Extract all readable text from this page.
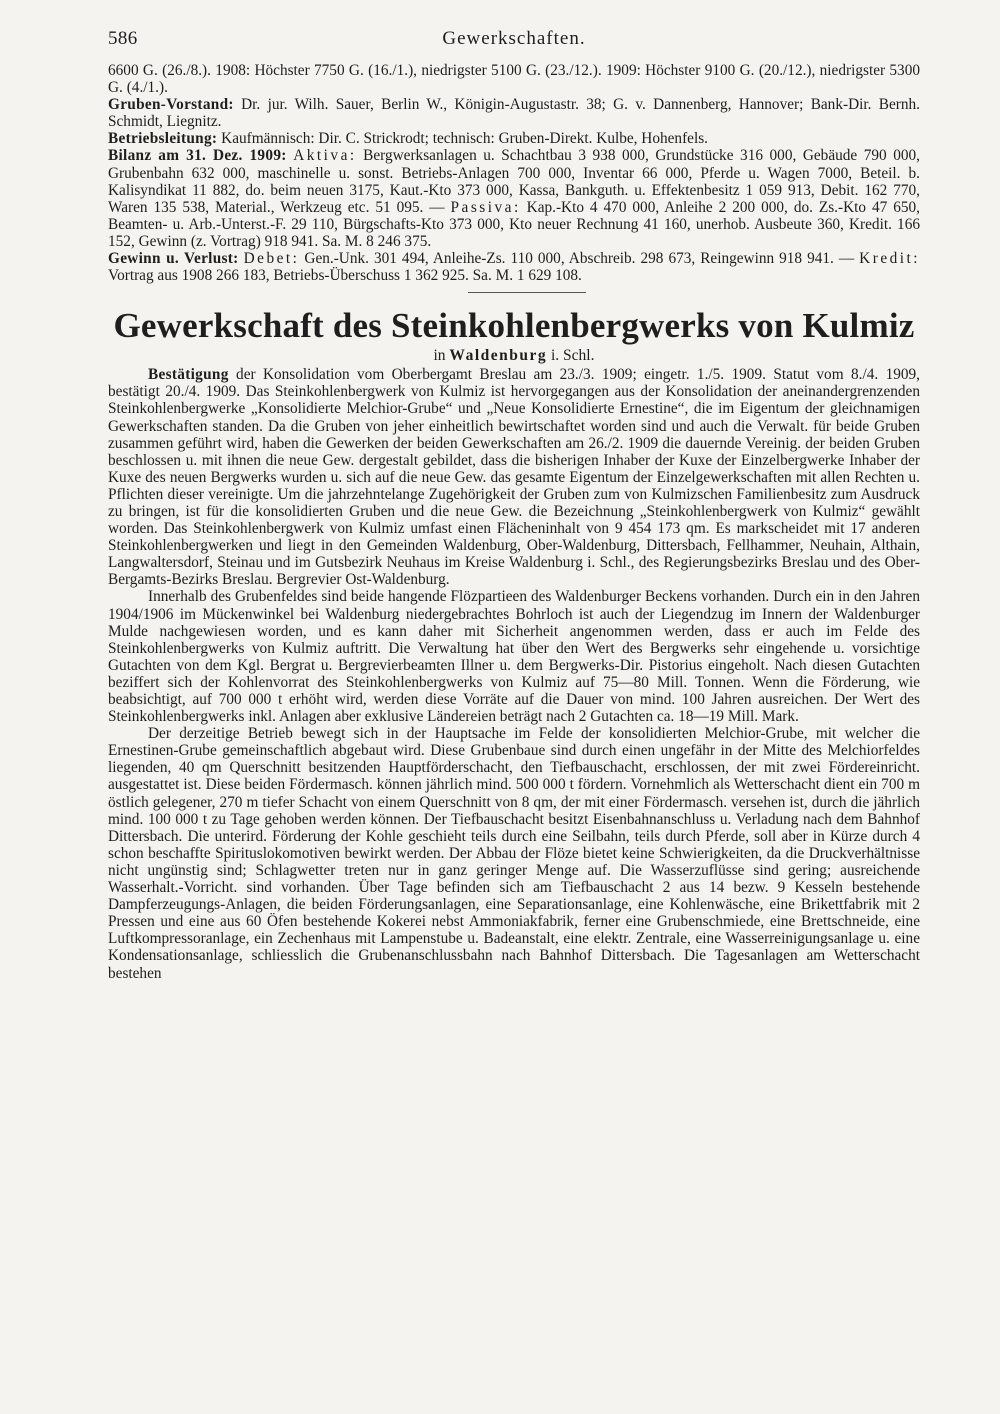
586	Gewerkschaften.

6600 G. (26./8.). 1908: Höchster 7750 G. (16./1.), niedrigster 5100 G. (23./12.). 1909: Höchster 9100 G. (20./12.), niedrigster 5300 G. (4./1.).

Gruben-Vorstand: Dr. jur. Wilh. Sauer, Berlin W., Königin-Augustastr. 38; G. v. Dannenberg, Hannover; Bank-Dir. Bernh. Schmidt, Liegnitz.

Betriebsleitung: Kaufmännisch: Dir. C. Strickrodt; technisch: Gruben-Direkt. Kulbe, Hohenfels.

Bilanz am 31. Dez. 1909: Aktiva: Bergwerksanlagen u. Schachtbau 3 938 000, Grundstücke 316 000, Gebäude 790 000, Grubenbahn 632 000, maschinelle u. sonst. Betriebs-Anlagen 700 000, Inventar 66 000, Pferde u. Wagen 7000, Beteil. b. Kalisyndikat 11 882, do. beim neuen 3175, Kaut.-Kto 373 000, Kassa, Bankguth. u. Effektenbesitz 1 059 913, Debit. 162 770, Waren 135 538, Material., Werkzeug etc. 51 095. — Passiva: Kap.-Kto 4 470 000, Anleihe 2 200 000, do. Zs.-Kto 47 650, Beamten- u. Arb.-Unterst.-F. 29 110, Bürgschafts-Kto 373 000, Kto neuer Rechnung 41 160, unerhob. Ausbeute 360, Kredit. 166 152, Gewinn (z. Vortrag) 918 941. Sa. M. 8 246 375.

Gewinn u. Verlust: Debet: Gen.-Unk. 301 494, Anleihe-Zs. 110 000, Abschreib. 298 673, Reingewinn 918 941. — Kredit: Vortrag aus 1908 266 183, Betriebs-Überschuss 1 362 925. Sa. M. 1 629 108.

Gewerkschaft des Steinkohlenbergwerks von Kulmiz

in Waldenburg i. Schl.

Bestätigung der Konsolidation vom Oberbergamt Breslau am 23./3. 1909; eingetr. 1./5. 1909. Statut vom 8./4. 1909, bestätigt 20./4. 1909. Das Steinkohlenbergwerk von Kulmiz ist hervorgegangen aus der Konsolidation der aneinandergrenzenden Steinkohlenbergwerke „Konsolidierte Melchior-Grube“ und „Neue Konsolidierte Ernestine“, die im Eigentum der gleichnamigen Gewerkschaften standen. Da die Gruben von jeher einheitlich bewirtschaftet worden sind und auch die Verwalt. für beide Gruben zusammen geführt wird, haben die Gewerken der beiden Gewerkschaften am 26./2. 1909 die dauernde Vereinig. der beiden Gruben beschlossen u. mit ihnen die neue Gew. dergestalt gebildet, dass die bisherigen Inhaber der Kuxe der Einzelbergwerke Inhaber der Kuxe des neuen Bergwerks wurden u. sich auf die neue Gew. das gesamte Eigentum der Einzelgewerkschaften mit allen Rechten u. Pflichten dieser vereinigte. Um die jahrzehntelange Zugehörigkeit der Gruben zum von Kulmizschen Familienbesitz zum Ausdruck zu bringen, ist für die konsolidierten Gruben und die neue Gew. die Bezeichnung „Steinkohlenbergwerk von Kulmiz“ gewählt worden. Das Steinkohlenbergwerk von Kulmiz umfast einen Flächeninhalt von 9 454 173 qm. Es markscheidet mit 17 anderen Steinkohlenbergwerken und liegt in den Gemeinden Waldenburg, Ober-Waldenburg, Dittersbach, Fellhammer, Neuhain, Althain, Langwaltersdorf, Steinau und im Gutsbezirk Neuhaus im Kreise Waldenburg i. Schl., des Regierungsbezirks Breslau und des Ober-Bergamts-Bezirks Breslau. Bergrevier Ost-Waldenburg.

Innerhalb des Grubenfeldes sind beide hangende Flözpartieen des Waldenburger Beckens vorhanden. Durch ein in den Jahren 1904/1906 im Mückenwinkel bei Waldenburg niedergebrachtes Bohrloch ist auch der Liegendzug im Innern der Waldenburger Mulde nachgewiesen worden, und es kann daher mit Sicherheit angenommen werden, dass er auch im Felde des Steinkohlenbergwerks von Kulmiz auftritt. Die Verwaltung hat über den Wert des Bergwerks sehr eingehende u. vorsichtige Gutachten von dem Kgl. Bergrat u. Bergrevierbeamten Illner u. dem Bergwerks-Dir. Pistorius eingeholt. Nach diesen Gutachten beziffert sich der Kohlenvorrat des Steinkohlenbergwerks von Kulmiz auf 75—80 Mill. Tonnen. Wenn die Förderung, wie beabsichtigt, auf 700 000 t erhöht wird, werden diese Vorräte auf die Dauer von mind. 100 Jahren ausreichen. Der Wert des Steinkohlenbergwerks inkl. Anlagen aber exklusive Ländereien beträgt nach 2 Gutachten ca. 18—19 Mill. Mark.

Der derzeitige Betrieb bewegt sich in der Hauptsache im Felde der konsolidierten Melchior-Grube, mit welcher die Ernestinen-Grube gemeinschaftlich abgebaut wird. Diese Grubenbaue sind durch einen ungefähr in der Mitte des Melchiorfeldes liegenden, 40 qm Querschnitt besitzenden Hauptförderschacht, den Tiefbauschacht, erschlossen, der mit zwei Fördereinricht. ausgestattet ist. Diese beiden Fördermasch. können jährlich mind. 500 000 t fördern. Vornehmlich als Wetterschacht dient ein 700 m östlich gelegener, 270 m tiefer Schacht von einem Querschnitt von 8 qm, der mit einer Fördermasch. versehen ist, durch die jährlich mind. 100 000 t zu Tage gehoben werden können. Der Tiefbauschacht besitzt Eisenbahnanschluss u. Verladung nach dem Bahnhof Dittersbach. Die unterird. Förderung der Kohle geschieht teils durch eine Seilbahn, teils durch Pferde, soll aber in Kürze durch 4 schon beschaffte Spirituslokomotiven bewirkt werden. Der Abbau der Flöze bietet keine Schwierigkeiten, da die Druckverhältnisse nicht ungünstig sind; Schlagwetter treten nur in ganz geringer Menge auf. Die Wasserzuflüsse sind gering; ausreichende Wasserhalt.-Vorricht. sind vorhanden. Über Tage befinden sich am Tiefbauschacht 2 aus 14 bezw. 9 Kesseln bestehende Dampferzeugungs-Anlagen, die beiden Förderungsanlagen, eine Separationsanlage, eine Kohlenwäsche, eine Brikettfabrik mit 2 Pressen und eine aus 60 Öfen bestehende Kokerei nebst Ammoniakfabrik, ferner eine Grubenschmiede, eine Brettschneide, eine Luftkompressoranlage, ein Zechenhaus mit Lampenstube u. Badeanstalt, eine elektr. Zentrale, eine Wasserreinigungsanlage u. eine Kondensationsanlage, schliesslich die Grubenanschlussbahn nach Bahnhof Dittersbach. Die Tagesanlagen am Wetterschacht bestehen
